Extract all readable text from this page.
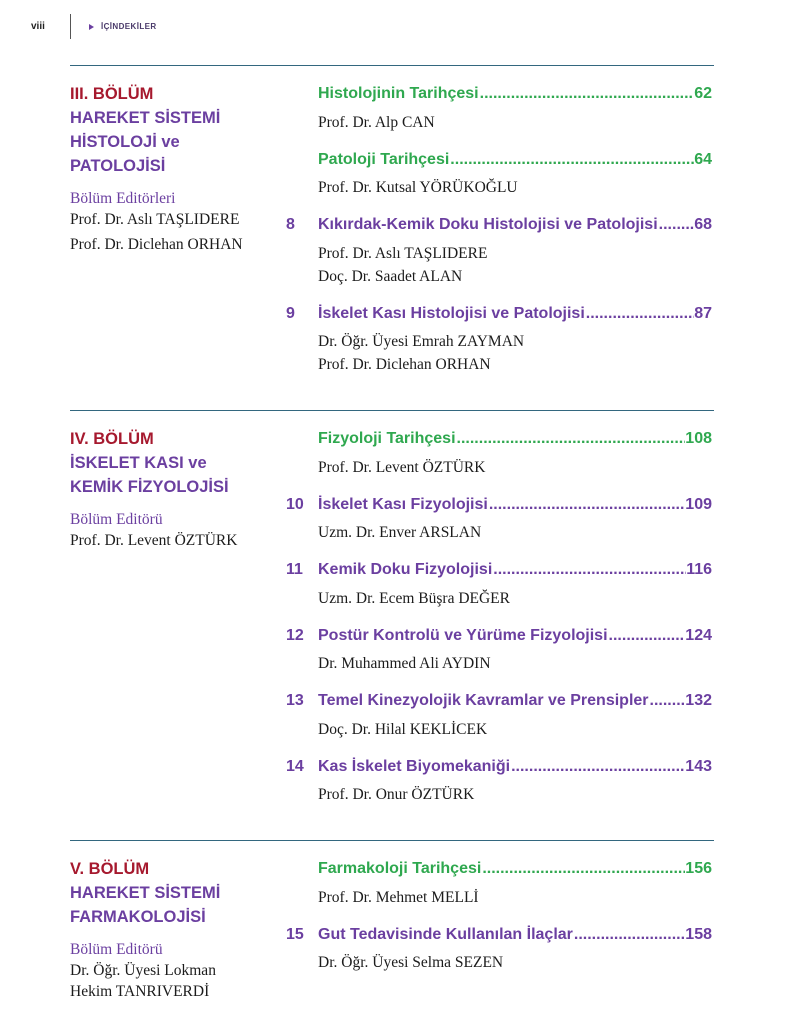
viii	İÇİNDEKİLER
III. BÖLÜM
HAREKET SİSTEMİ
HİSTOLOJİ ve
PATOLOJİSİ
Bölüm Editörleri
Prof. Dr. Aslı TAŞLIDERE
Prof. Dr. Diclehan ORHAN
Histolojinin Tarihçesi .....	62
Prof. Dr. Alp CAN
Patoloji Tarihçesi .....	64
Prof. Dr. Kutsal YÖRÜKOĞLU
8	Kıkırdak-Kemik Doku Histolojisi ve Patolojisi ..... 68
Prof. Dr. Aslı TAŞLIDERE
Doç. Dr. Saadet ALAN
9	İskelet Kası Histolojisi ve Patolojisi .....	87
Dr. Öğr. Üyesi Emrah ZAYMAN
Prof. Dr. Diclehan ORHAN
IV. BÖLÜM
İSKELET KASI ve
KEMİK FİZYOLOJİSİ
Bölüm Editörü
Prof. Dr. Levent ÖZTÜRK
Fizyoloji Tarihçesi .....	108
Prof. Dr. Levent ÖZTÜRK
10 İskelet Kası Fizyolojisi .....	109
Uzm. Dr. Enver ARSLAN
11 Kemik Doku Fizyolojisi .....	116
Uzm. Dr. Ecem Büşra DEĞER
12 Postür Kontrolü ve Yürüme Fizyolojisi .....	124
Dr. Muhammed Ali AYDIN
13 Temel Kinezyolojik Kavramlar ve Prensipler ..... 132
Doç. Dr. Hilal KEKLİCEK
14 Kas İskelet Biyomekaniği .....	143
Prof. Dr. Onur ÖZTÜRK
V. BÖLÜM
HAREKET SİSTEMİ
FARMAKOLOJİSİ
Bölüm Editörü
Dr. Öğr. Üyesi Lokman
Hekim TANRIVERDİ
Farmakoloji Tarihçesi .....	156
Prof. Dr. Mehmet MELLİ
15 Gut Tedavisinde Kullanılan İlaçlar .....	158
Dr. Öğr. Üyesi Selma SEZEN
